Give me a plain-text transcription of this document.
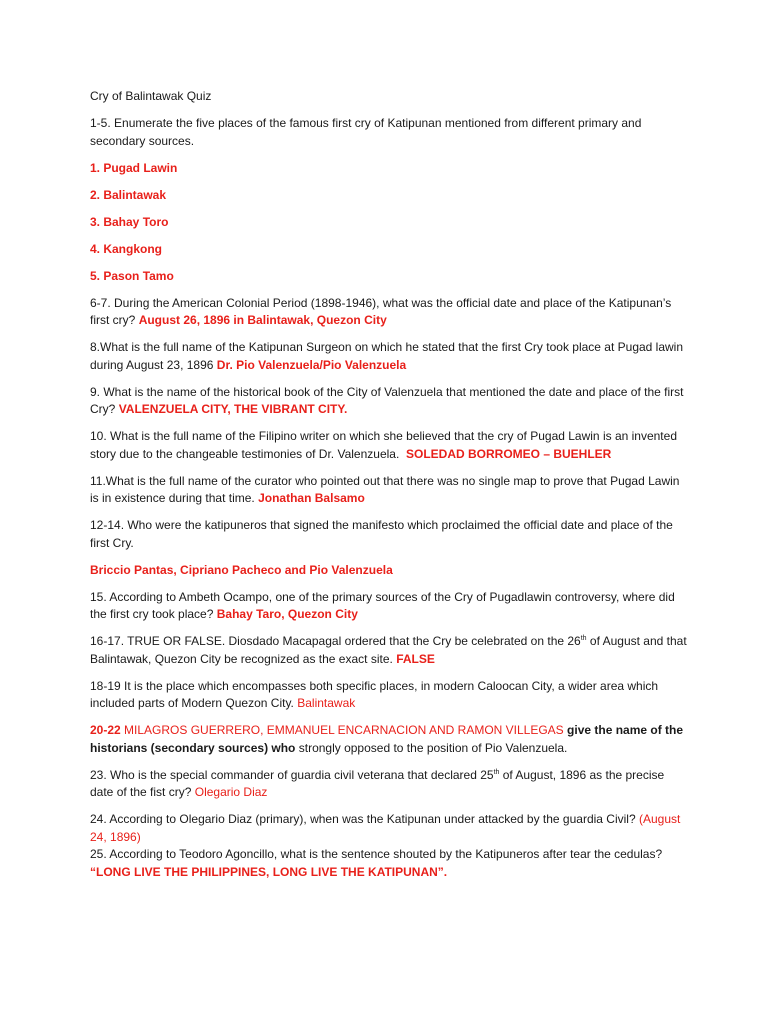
Cry of Balintawak Quiz

1-5. Enumerate the five places of the famous first cry of Katipunan mentioned from different primary and secondary sources.

1. Pugad Lawin

2. Balintawak

3. Bahay Toro

4. Kangkong

5. Pason Tamo

6-7. During the American Colonial Period (1898-1946), what was the official date and place of the Katipunan’s first cry? August 26, 1896 in Balintawak, Quezon City

8.What is the full name of the Katipunan Surgeon on which he stated that the first Cry took place at Pugad lawin during August 23, 1896 Dr. Pio Valenzuela/Pio Valenzuela

9. What is the name of the historical book of the City of Valenzuela that mentioned the date and place of the first Cry? VALENZUELA CITY, THE VIBRANT CITY.

10. What is the full name of the Filipino writer on which she believed that the cry of Pugad Lawin is an invented story due to the changeable testimonies of Dr. Valenzuela. SOLEDAD BORROMEO – BUEHLER

11.What is the full name of the curator who pointed out that there was no single map to prove that Pugad Lawin is in existence during that time. Jonathan Balsamo

12-14. Who were the katipuneros that signed the manifesto which proclaimed the official date and place of the first Cry.

Briccio Pantas, Cipriano Pacheco and Pio Valenzuela

15. According to Ambeth Ocampo, one of the primary sources of the Cry of Pugadlawin controversy, where did the first cry took place? Bahay Taro, Quezon City

16-17. TRUE OR FALSE. Diosdado Macapagal ordered that the Cry be celebrated on the 26th of August and that Balintawak, Quezon City be recognized as the exact site. FALSE

18-19 It is the place which encompasses both specific places, in modern Caloocan City, a wider area which included parts of Modern Quezon City. Balintawak

20-22 MILAGROS GUERRERO, EMMANUEL ENCARNACION AND RAMON VILLEGAS give the name of the historians (secondary sources) who strongly opposed to the position of Pio Valenzuela.

23. Who is the special commander of guardia civil veterana that declared 25th of August, 1896 as the precise date of the fist cry? Olegario Diaz

24. According to Olegario Diaz (primary), when was the Katipunan under attacked by the guardia Civil? (August 24, 1896)

25. According to Teodoro Agoncillo, what is the sentence shouted by the Katipuneros after tear the cedulas?

“LONG LIVE THE PHILIPPINES, LONG LIVE THE KATIPUNAN”.
